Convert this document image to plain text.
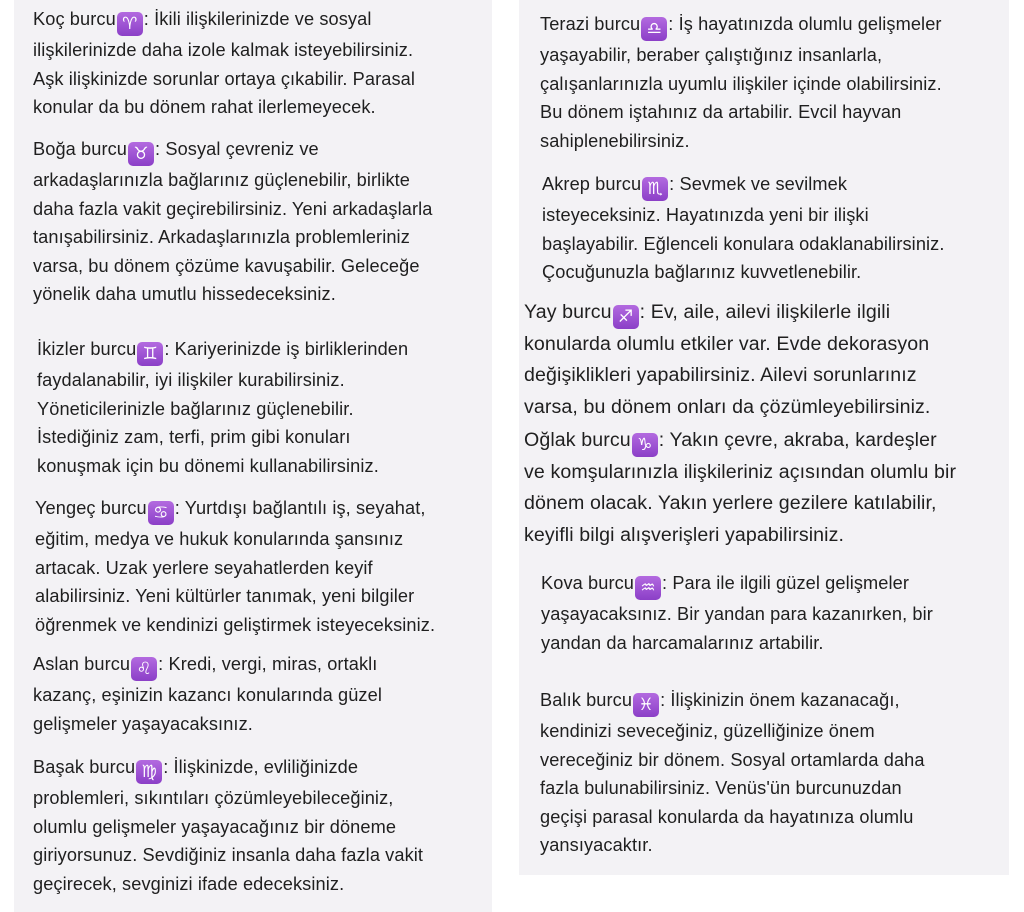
Koç burcu ♈ : İkili ilişkilerinizde ve sosyal

ilişkilerinizde daha izole kalmak isteyebilirsiniz.

Aşk ilişkinizde sorunlar ortaya çıkabilir. Parasal

konular da bu dönem rahat ilerlemeyecek.

Boğa burcu ♉ : Sosyal çevreniz ve

arkadaşlarınızla bağlarınız güçlenebilir, birlikte

daha fazla vakit geçirebilirsiniz. Yeni arkadaşlarla

tanışabilirsiniz. Arkadaşlarınızla problemleriniz

varsa, bu dönem çözüme kavuşabilir. Geleceğe

yönelik daha umutlu hissedeceksiniz.

İkizler burcu ♊ : Kariyerinizde iş birliklerinden

faydalanabilir, iyi ilişkiler kurabilirsiniz.

Yöneticilerinizle bağlarınız güçlenebilir.

İstediğiniz zam, terfi, prim gibi konuları

konuşmak için bu dönemi kullanabilirsiniz.

Yengeç burcu ♋ : Yurtdışı bağlantılı iş, seyahat,

eğitim, medya ve hukuk konularında şansınız

artacak. Uzak yerlere seyahatlerden keyif

alabilirsiniz. Yeni kültürler tanımak, yeni bilgiler

öğrenmek ve kendinizi geliştirmek isteyeceksiniz.

Aslan burcu ♌ : Kredi, vergi, miras, ortaklı

kazanç, eşinizin kazancı konularında güzel

gelişmeler yaşayacaksınız.

Başak burcu ♍ : İlişkinizde, evliliğinizde

problemleri, sıkıntıları çözümleyebileceğiniz,

olumlu gelişmeler yaşayacağınız bir döneme

giriyorsunuz. Sevdiğiniz insanla daha fazla vakit

geçirecek, sevginizi ifade edeceksiniz.

Terazi burcu ♎ : İş hayatınızda olumlu gelişmeler

yaşayabilir, beraber çalıştığınız insanlarla,

çalışanlarınızla uyumlu ilişkiler içinde olabilirsiniz.

Bu dönem iştahınız da artabilir. Evcil hayvan

sahiplenebilirsiniz.

Akrep burcu ♏ : Sevmek ve sevilmek

isteyeceksiniz. Hayatınızda yeni bir ilişki

başlayabilir. Eğlenceli konulara odaklanabilirsiniz.

Çocuğunuzla bağlarınız kuvvetlenebilir.

Yay burcu ♐ : Ev, aile, ailevi ilişkilerle ilgili

konularda olumlu etkiler var. Evde dekorasyon

değişiklikleri yapabilirsiniz. Ailevi sorunlarınız

varsa, bu dönem onları da çözümleyebilirsiniz.

Oğlak burcu ♑ : Yakın çevre, akraba, kardeşler

ve komşularınızla ilişkileriniz açısından olumlu bir

dönem olacak. Yakın yerlere gezilere katılabilir,

keyifli bilgi alışverişleri yapabilirsiniz.

Kova burcu ♒ : Para ile ilgili güzel gelişmeler

yaşayacaksınız. Bir yandan para kazanırken, bir

yandan da harcamalarınız artabilir.

Balık burcu ♓ : İlişkinizin önem kazanacağı,

kendinizi seveceğiniz, güzelliğinize önem

vereceğiniz bir dönem. Sosyal ortamlarda daha

fazla bulunabilirsiniz. Venüs'ün burcunuzdan

geçişi parasal konularda da hayatınıza olumlu

yansıyacaktır.
